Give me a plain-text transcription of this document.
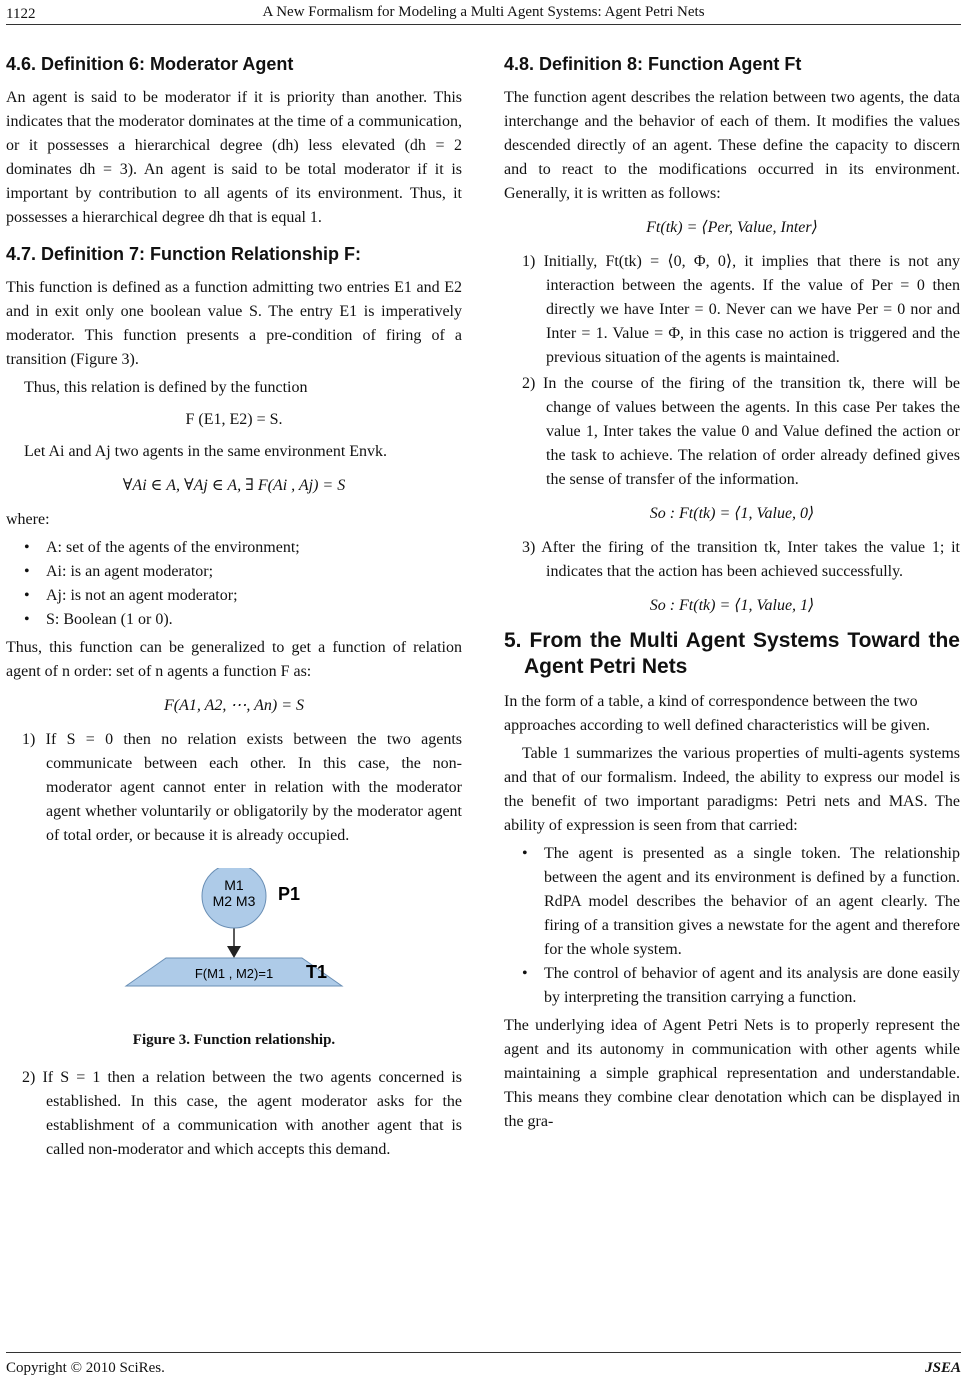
1122	A New Formalism for Modeling a Multi Agent Systems: Agent Petri Nets
4.6. Definition 6: Moderator Agent

An agent is said to be moderator if it is priority than another. This indicates that the moderator dominates at the time of a communication, or it possesses a hierarchical degree (dh) less elevated (dh = 2 dominates dh = 3). An agent is said to be total moderator if it is important by contribution to all agents of its environment. Thus, it possesses a hierarchical degree dh that is equal 1.

4.7. Definition 7: Function Relationship F:

This function is defined as a function admitting two entries E1 and E2 and in exit only one boolean value S. The entry E1 is imperatively moderator. This function presents a pre-condition of firing of a transition (Figure 3).

Thus, this relation is defined by the function

F (E1, E2) = S.

Let Ai and Aj two agents in the same environment Envk.

∀Ai ∈ A, ∀Aj ∈ A, ∃ F(Ai , Aj) = S

where:

• A: set of the agents of the environment;
• Ai: is an agent moderator;
• Aj: is not an agent moderator;
• S: Boolean (1 or 0).

Thus, this function can be generalized to get a function of relation agent of n order: set of n agents a function F as:

F(A1, A2, ⋯, An) = S

1) If S = 0 then no relation exists between the two agents communicate between each other. In this case, the non-moderator agent cannot enter in relation with the moderator agent whether voluntarily or obligatorily by the moderator agent of total order, or because it is already occupied.

M1
M2 M3 P1
F(M1 , M2)=1 T1

Figure 3. Function relationship.

2) If S = 1 then a relation between the two agents concerned is established. In this case, the agent moderator asks for the establishment of a communication with another agent that is called non-moderator and which accepts this demand.

4.8. Definition 8: Function Agent Ft

The function agent describes the relation between two agents, the data interchange and the behavior of each of them. It modifies the values descended directly of an agent. These define the capacity to discern and to react to the modifications occurred in its environment. Generally, it is written as follows:

Ft(tk) = ⟨Per, Value, Inter⟩

1) Initially, Ft(tk) = ⟨0, Φ, 0⟩, it implies that there is not any interaction between the agents. If the value of Per = 0 then directly we have Inter = 0. Never can we have Per = 0 nor and Inter = 1. Value = Φ, in this case no action is triggered and the previous situation of the agents is maintained.

2) In the course of the firing of the transition tk, there will be change of values between the agents. In this case Per takes the value 1, Inter takes the value 0 and Value defined the action or the task to achieve. The relation of order already defined gives the sense of transfer of the information.

So : Ft(tk) = ⟨1, Value, 0⟩

3) After the firing of the transition tk, Inter takes the value 1; it indicates that the action has been achieved successfully.

So : Ft(tk) = ⟨1, Value, 1⟩

5. From the Multi Agent Systems Toward the Agent Petri Nets

In the form of a table, a kind of correspondence between the two approaches according to well defined characteristics will be given.

Table 1 summarizes the various properties of multi-agents systems and that of our formalism. Indeed, the ability to express our model is the benefit of two important paradigms: Petri nets and MAS. The ability of expression is seen from that carried:

• The agent is presented as a single token. The relationship between the agent and its environment is defined by a function. RdPA model describes the behavior of an agent clearly. The firing of a transition gives a newstate for the agent and therefore for the whole system.
• The control of behavior of agent and its analysis are done easily by interpreting the transition carrying a function.

The underlying idea of Agent Petri Nets is to properly represent the agent and its autonomy in communication with other agents while maintaining a simple graphical representation and understandable. This means they combine clear denotation which can be displayed in the gra-

Copyright © 2010 SciRes.	JSEA
